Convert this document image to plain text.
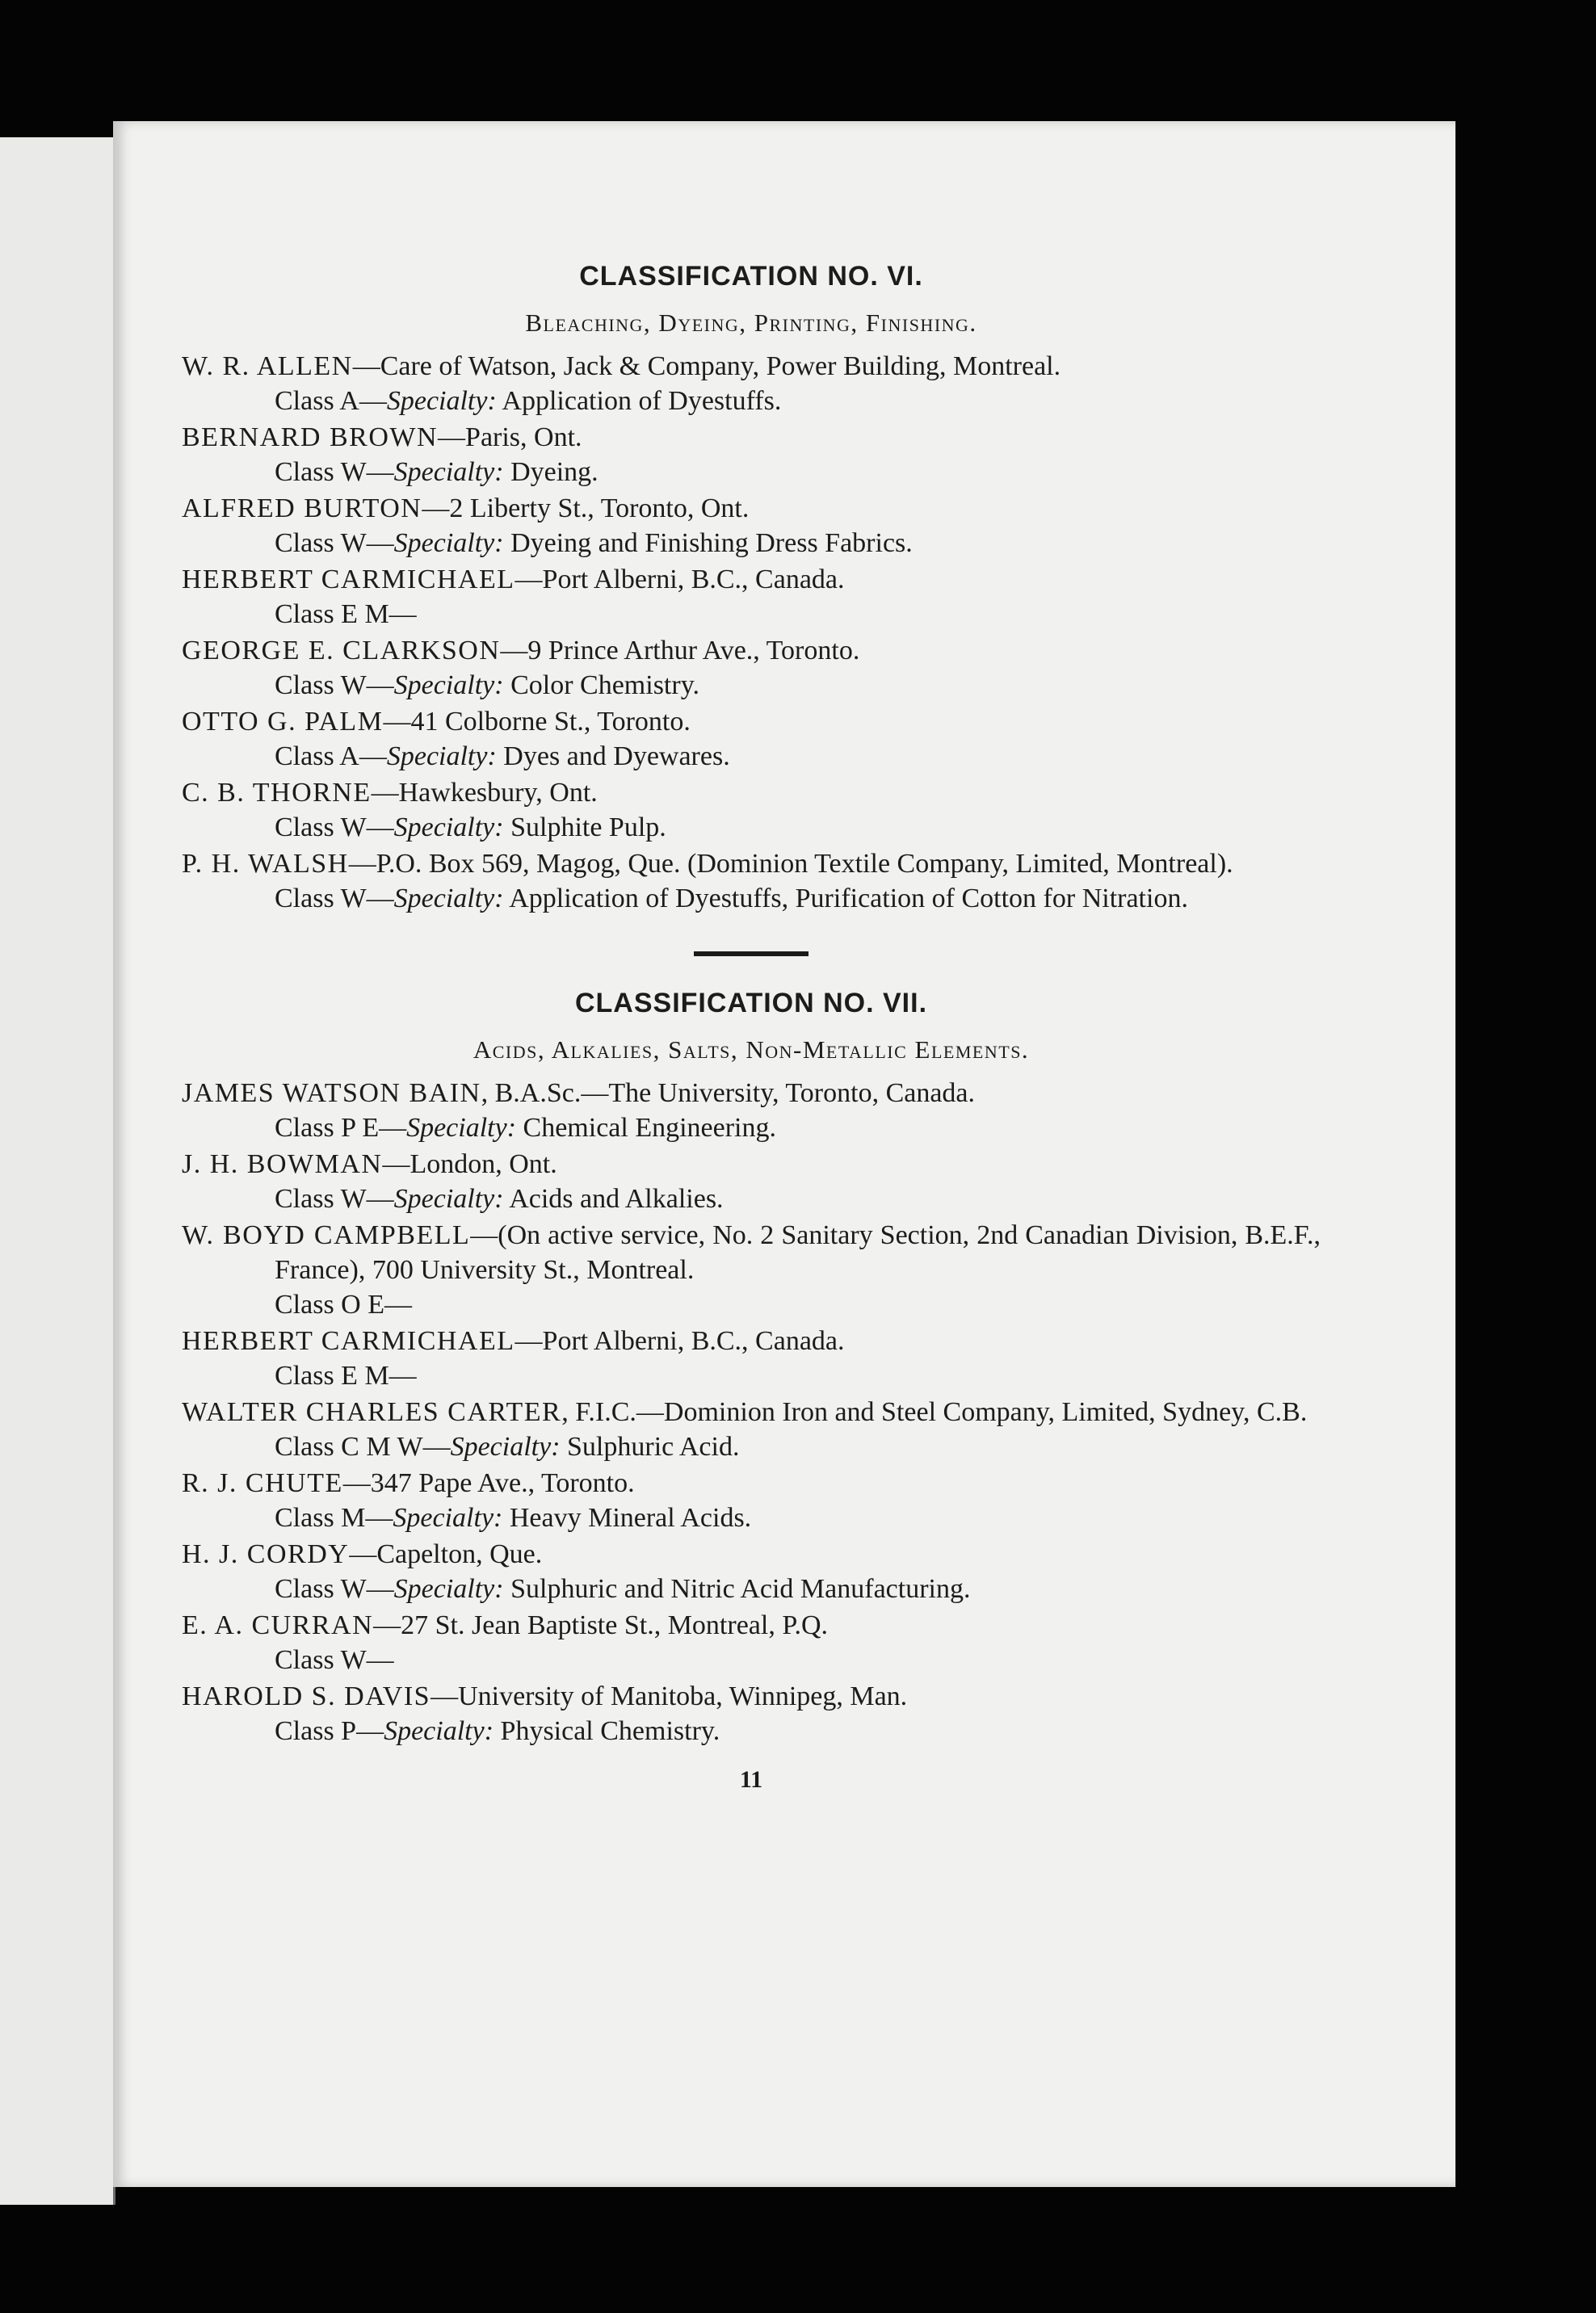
CLASSIFICATION NO. VI.
Bleaching, Dyeing, Printing, Finishing.
W. R. ALLEN—Care of Watson, Jack & Company, Power Building, Montreal.
Class A—Specialty: Application of Dyestuffs.
BERNARD BROWN—Paris, Ont.
Class W—Specialty: Dyeing.
ALFRED BURTON—2 Liberty St., Toronto, Ont.
Class W—Specialty: Dyeing and Finishing Dress Fabrics.
HERBERT CARMICHAEL—Port Alberni, B.C., Canada.
Class E M—
GEORGE E. CLARKSON—9 Prince Arthur Ave., Toronto.
Class W—Specialty: Color Chemistry.
OTTO G. PALM—41 Colborne St., Toronto.
Class A—Specialty: Dyes and Dyewares.
C. B. THORNE—Hawkesbury, Ont.
Class W—Specialty: Sulphite Pulp.
P. H. WALSH—P.O. Box 569, Magog, Que. (Dominion Textile Company, Limited, Montreal).
Class W—Specialty: Application of Dyestuffs, Purification of Cotton for Nitration.
CLASSIFICATION NO. VII.
Acids, Alkalies, Salts, Non-Metallic Elements.
JAMES WATSON BAIN, B.A.Sc.—The University, Toronto, Canada.
Class P E—Specialty: Chemical Engineering.
J. H. BOWMAN—London, Ont.
Class W—Specialty: Acids and Alkalies.
W. BOYD CAMPBELL—(On active service, No. 2 Sanitary Section, 2nd Canadian Division, B.E.F., France), 700 University St., Montreal.
Class O E—
HERBERT CARMICHAEL—Port Alberni, B.C., Canada.
Class E M—
WALTER CHARLES CARTER, F.I.C.—Dominion Iron and Steel Company, Limited, Sydney, C.B.
Class C M W—Specialty: Sulphuric Acid.
R. J. CHUTE—347 Pape Ave., Toronto.
Class M—Specialty: Heavy Mineral Acids.
H. J. CORDY—Capelton, Que.
Class W—Specialty: Sulphuric and Nitric Acid Manufacturing.
E. A. CURRAN—27 St. Jean Baptiste St., Montreal, P.Q.
Class W—
HAROLD S. DAVIS—University of Manitoba, Winnipeg, Man.
Class P—Specialty: Physical Chemistry.
11
